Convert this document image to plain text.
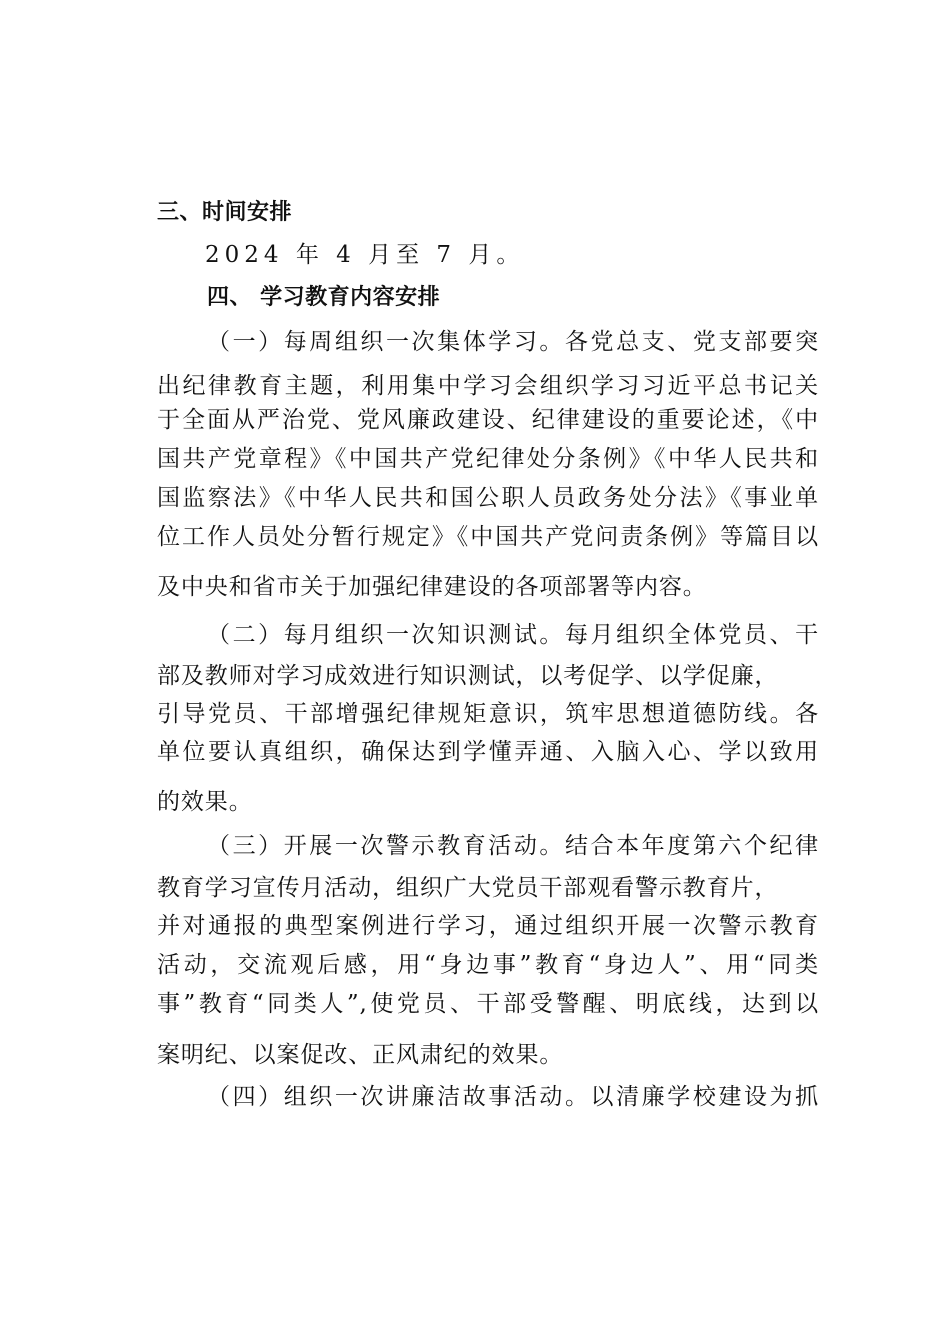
三、时间安排
2024 年 4 月至 7 月。
四、 学习教育内容安排
（一）每周组织一次集体学习。各党总支、党支部要突
出纪律教育主题，利用集中学习会组织学习习近平总书记关
于全面从严治党、党风廉政建设、纪律建设的重要论述，《中
国共产党章程》《中国共产党纪律处分条例》《中华人民共和
国监察法》《中华人民共和国公职人员政务处分法》《事业单
位工作人员处分暂行规定》《中国共产党问责条例》等篇目以
及中央和省市关于加强纪律建设的各项部署等内容。
（二）每月组织一次知识测试。每月组织全体党员、干
部及教师对学习成效进行知识测试，以考促学、以学促廉，
引导党员、干部增强纪律规矩意识，筑牢思想道德防线。各
单位要认真组织，确保达到学懂弄通、入脑入心、学以致用
的效果。
（三）开展一次警示教育活动。结合本年度第六个纪律
教育学习宣传月活动，组织广大党员干部观看警示教育片，
并对通报的典型案例进行学习，通过组织开展一次警示教育
活动，交流观后感，用“身边事”教育“身边人”、用“同类
事”教育“同类人”,使党员、干部受警醒、明底线，达到以
案明纪、以案促改、正风肃纪的效果。
（四）组织一次讲廉洁故事活动。以清廉学校建设为抓
